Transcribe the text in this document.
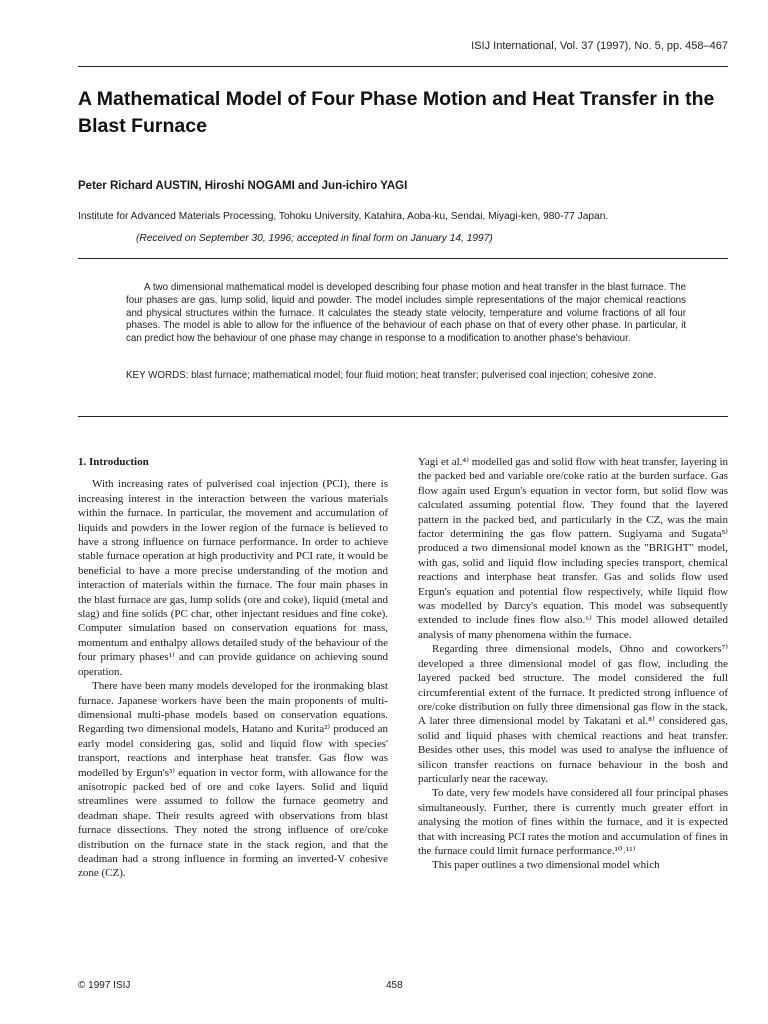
ISIJ International, Vol. 37 (1997), No. 5, pp. 458–467
A Mathematical Model of Four Phase Motion and Heat Transfer in the Blast Furnace
Peter Richard AUSTIN, Hiroshi NOGAMI and Jun-ichiro YAGI
Institute for Advanced Materials Processing, Tohoku University, Katahira, Aoba-ku, Sendai, Miyagi-ken, 980-77 Japan.
(Received on September 30, 1996; accepted in final form on January 14, 1997)

A two dimensional mathematical model is developed describing four phase motion and heat transfer in the blast furnace. The four phases are gas, lump solid, liquid and powder. The model includes simple representations of the major chemical reactions and physical structures within the furnace. It calculates the steady state velocity, temperature and volume fractions of all four phases. The model is able to allow for the influence of the behaviour of each phase on that of every other phase. In particular, it can predict how the behaviour of one phase may change in response to a modification to another phase's behaviour.

KEY WORDS: blast furnace; mathematical model; four fluid motion; heat transfer; pulverised coal injection; cohesive zone.
1. Introduction

With increasing rates of pulverised coal injection (PCI), there is increasing interest in the interaction between the various materials within the furnace. In particular, the movement and accumulation of liquids and powders in the lower region of the furnace is believed to have a strong influence on furnace performance. In order to achieve stable furnace operation at high productivity and PCI rate, it would be beneficial to have a more precise understanding of the motion and interaction of materials within the furnace. The four main phases in the blast furnace are gas, lump solids (ore and coke), liquid (metal and slag) and fine solids (PC char, other injectant residues and fine coke). Computer simulation based on conservation equations for mass, momentum and enthalpy allows detailed study of the behaviour of the four primary phases¹⁾ and can provide guidance on achieving sound operation.

There have been many models developed for the ironmaking blast furnace. Japanese workers have been the main proponents of multi-dimensional multi-phase models based on conservation equations. Regarding two dimensional models, Hatano and Kurita²⁾ produced an early model considering gas, solid and liquid flow with species' transport, reactions and interphase heat transfer. Gas flow was modelled by Ergun's³⁾ equation in vector form, with allowance for the anisotropic packed bed of ore and coke layers. Solid and liquid streamlines were assumed to follow the furnace geometry and deadman shape. Their results agreed with observations from blast furnace dissections. They noted the strong influence of ore/coke distribution on the furnace state in the stack region, and that the deadman had a strong influence in forming an inverted-V cohesive zone (CZ).

Yagi et al.⁴⁾ modelled gas and solid flow with heat transfer, layering in the packed bed and variable ore/coke ratio at the burden surface. Gas flow again used Ergun's equation in vector form, but solid flow was calculated assuming potential flow. They found that the layered pattern in the packed bed, and particularly in the CZ, was the main factor determining the gas flow pattern. Sugiyama and Sugata⁵⁾ produced a two dimensional model known as the "BRIGHT" model, with gas, solid and liquid flow including species transport, chemical reactions and interphase heat transfer. Gas and solids flow used Ergun's equation and potential flow respectively, while liquid flow was modelled by Darcy's equation. This model was subsequently extended to include fines flow also.⁶⁾ This model allowed detailed analysis of many phenomena within the furnace.

Regarding three dimensional models, Ohno and coworkers⁷⁾ developed a three dimensional model of gas flow, including the layered packed bed structure. The model considered the full circumferential extent of the furnace. It predicted strong influence of ore/coke distribution on fully three dimensional gas flow in the stack. A later three dimensional model by Takatani et al.⁸⁾ considered gas, solid and liquid phases with chemical reactions and heat transfer. Besides other uses, this model was used to analyse the influence of silicon transfer reactions on furnace behaviour in the bosh and particularly near the raceway.

To date, very few models have considered all four principal phases simultaneously. Further, there is currently much greater effort in analysing the motion of fines within the furnace, and it is expected that with increasing PCI rates the motion and accumulation of fines in the furnace could limit furnace performance.¹⁰˒¹¹⁾

This paper outlines a two dimensional model which

© 1997 ISIJ	458
